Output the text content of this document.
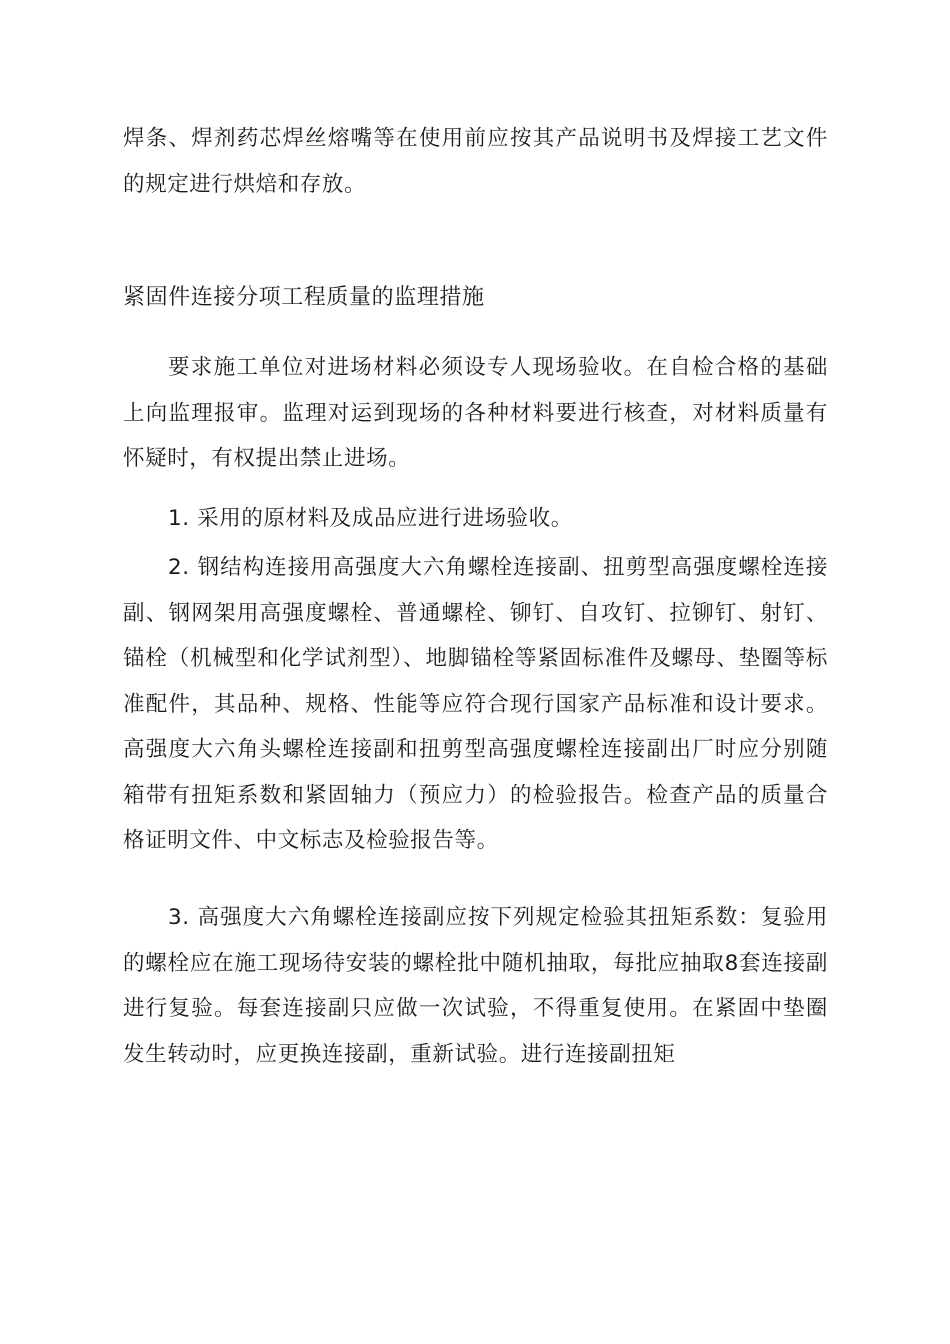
焊条、焊剂药芯焊丝熔嘴等在使用前应按其产品说明书及焊接工艺文件的规定进行烘焙和存放。

紧固件连接分项工程质量的监理措施

要求施工单位对进场材料必须设专人现场验收。在自检合格的基础上向监理报审。监理对运到现场的各种材料要进行核查，对材料质量有怀疑时，有权提出禁止进场。

1. 采用的原材料及成品应进行进场验收。

2. 钢结构连接用高强度大六角螺栓连接副、扭剪型高强度螺栓连接副、钢网架用高强度螺栓、普通螺栓、铆钉、自攻钉、拉铆钉、射钉、锚栓（机械型和化学试剂型）、地脚锚栓等紧固标准件及螺母、垫圈等标准配件，其品种、规格、性能等应符合现行国家产品标准和设计要求。高强度大六角头螺栓连接副和扭剪型高强度螺栓连接副出厂时应分别随箱带有扭矩系数和紧固轴力（预应力）的检验报告。检查产品的质量合格证明文件、中文标志及检验报告等。

3. 高强度大六角螺栓连接副应按下列规定检验其扭矩系数：复验用的螺栓应在施工现场待安装的螺栓批中随机抽取，每批应抽取8套连接副进行复验。每套连接副只应做一次试验，不得重复使用。在紧固中垫圈发生转动时，应更换连接副，重新试验。进行连接副扭矩
